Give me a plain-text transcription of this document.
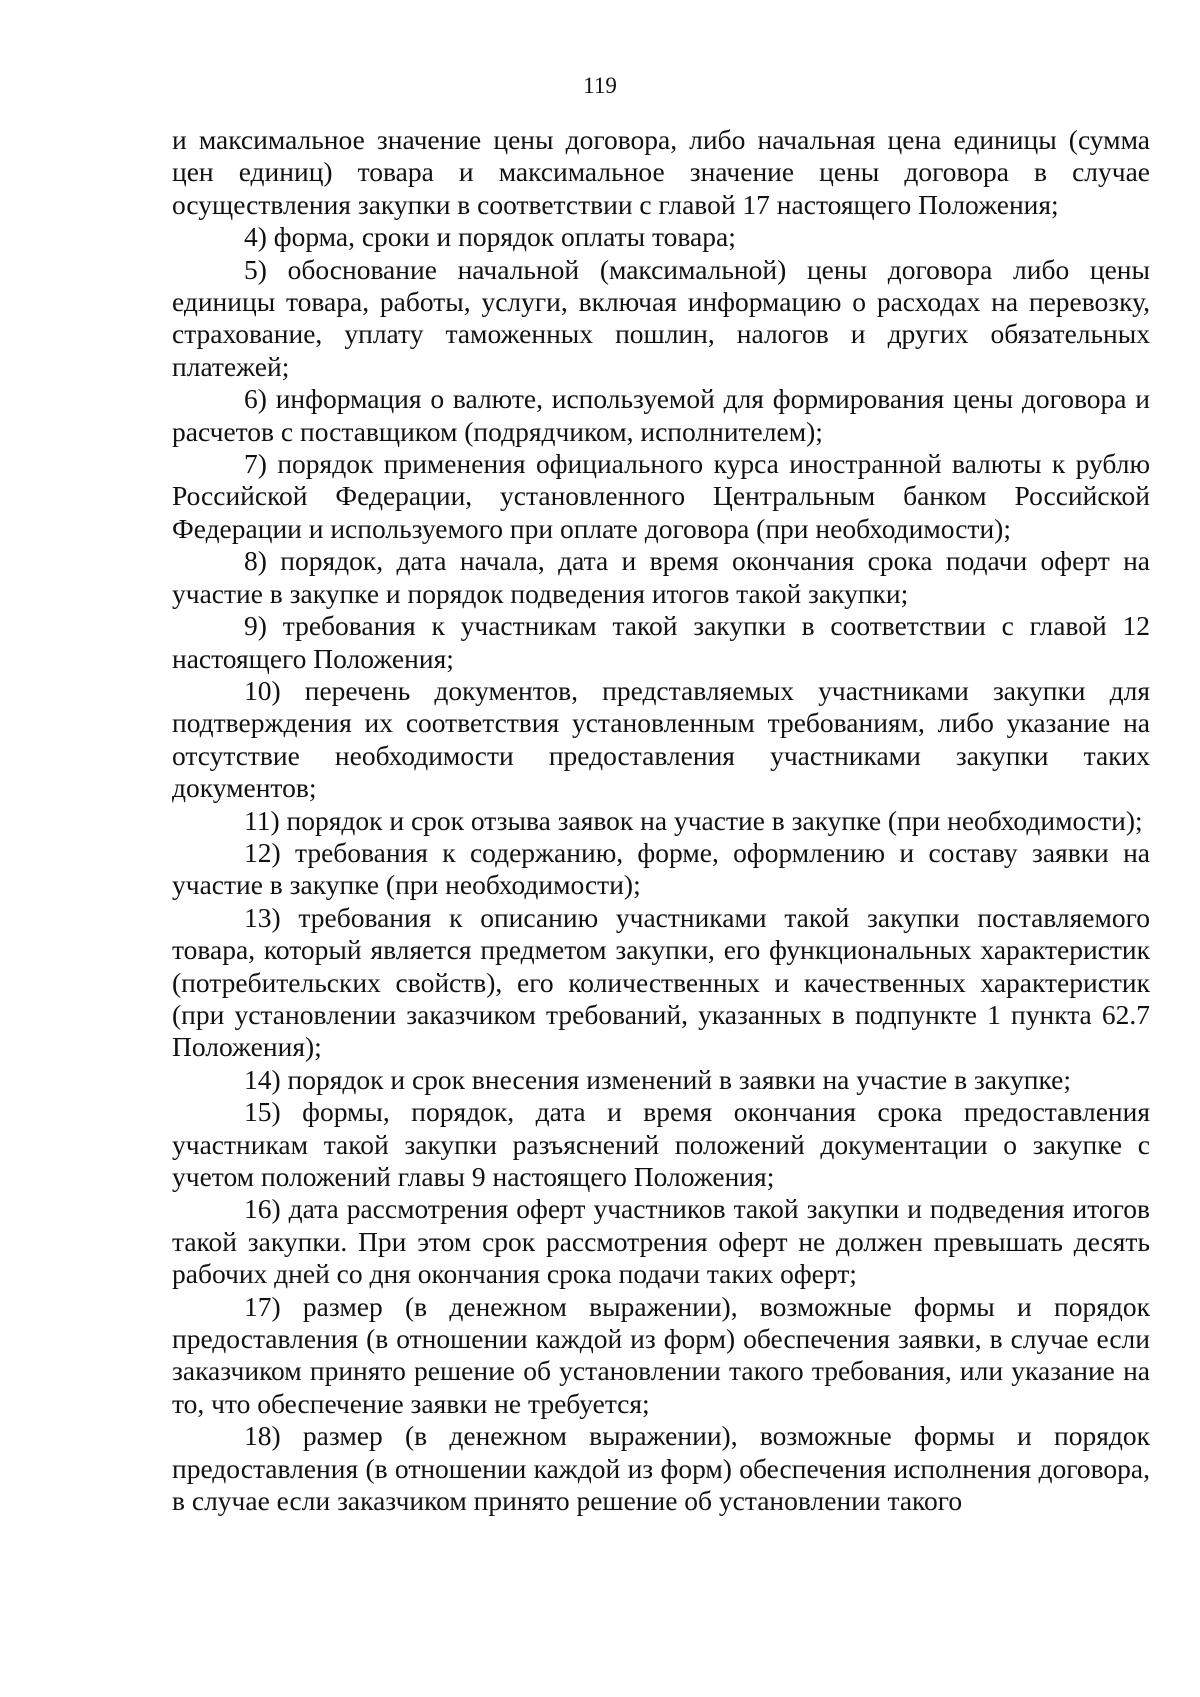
119

и максимальное значение цены договора, либо начальная цена единицы (сумма цен единиц) товара и максимальное значение цены договора в случае осуществления закупки в соответствии с главой 17 настоящего Положения;

4) форма, сроки и порядок оплаты товара;

5) обоснование начальной (максимальной) цены договора либо цены единицы товара, работы, услуги, включая информацию о расходах на перевозку, страхование, уплату таможенных пошлин, налогов и других обязательных платежей;

6) информация о валюте, используемой для формирования цены договора и расчетов с поставщиком (подрядчиком, исполнителем);

7) порядок применения официального курса иностранной валюты к рублю Российской Федерации, установленного Центральным банком Российской Федерации и используемого при оплате договора (при необходимости);

8) порядок, дата начала, дата и время окончания срока подачи оферт на участие в закупке и порядок подведения итогов такой закупки;

9) требования к участникам такой закупки в соответствии с главой 12 настоящего Положения;

10) перечень документов, представляемых участниками закупки для подтверждения их соответствия установленным требованиям, либо указание на отсутствие необходимости предоставления участниками закупки таких документов;

11) порядок и срок отзыва заявок на участие в закупке (при необходимости);

12) требования к содержанию, форме, оформлению и составу заявки на участие в закупке (при необходимости);

13) требования к описанию участниками такой закупки поставляемого товара, который является предметом закупки, его функциональных характеристик (потребительских свойств), его количественных и качественных характеристик (при установлении заказчиком требований, указанных в подпункте 1 пункта 62.7 Положения);

14) порядок и срок внесения изменений в заявки на участие в закупке;

15) формы, порядок, дата и время окончания срока предоставления участникам такой закупки разъяснений положений документации о закупке с учетом положений главы 9 настоящего Положения;

16) дата рассмотрения оферт участников такой закупки и подведения итогов такой закупки. При этом срок рассмотрения оферт не должен превышать десять рабочих дней со дня окончания срока подачи таких оферт;

17) размер (в денежном выражении), возможные формы и порядок предоставления (в отношении каждой из форм) обеспечения заявки, в случае если заказчиком принято решение об установлении такого требования, или указание на то, что обеспечение заявки не требуется;

18) размер (в денежном выражении), возможные формы и порядок предоставления (в отношении каждой из форм) обеспечения исполнения договора, в случае если заказчиком принято решение об установлении такого
